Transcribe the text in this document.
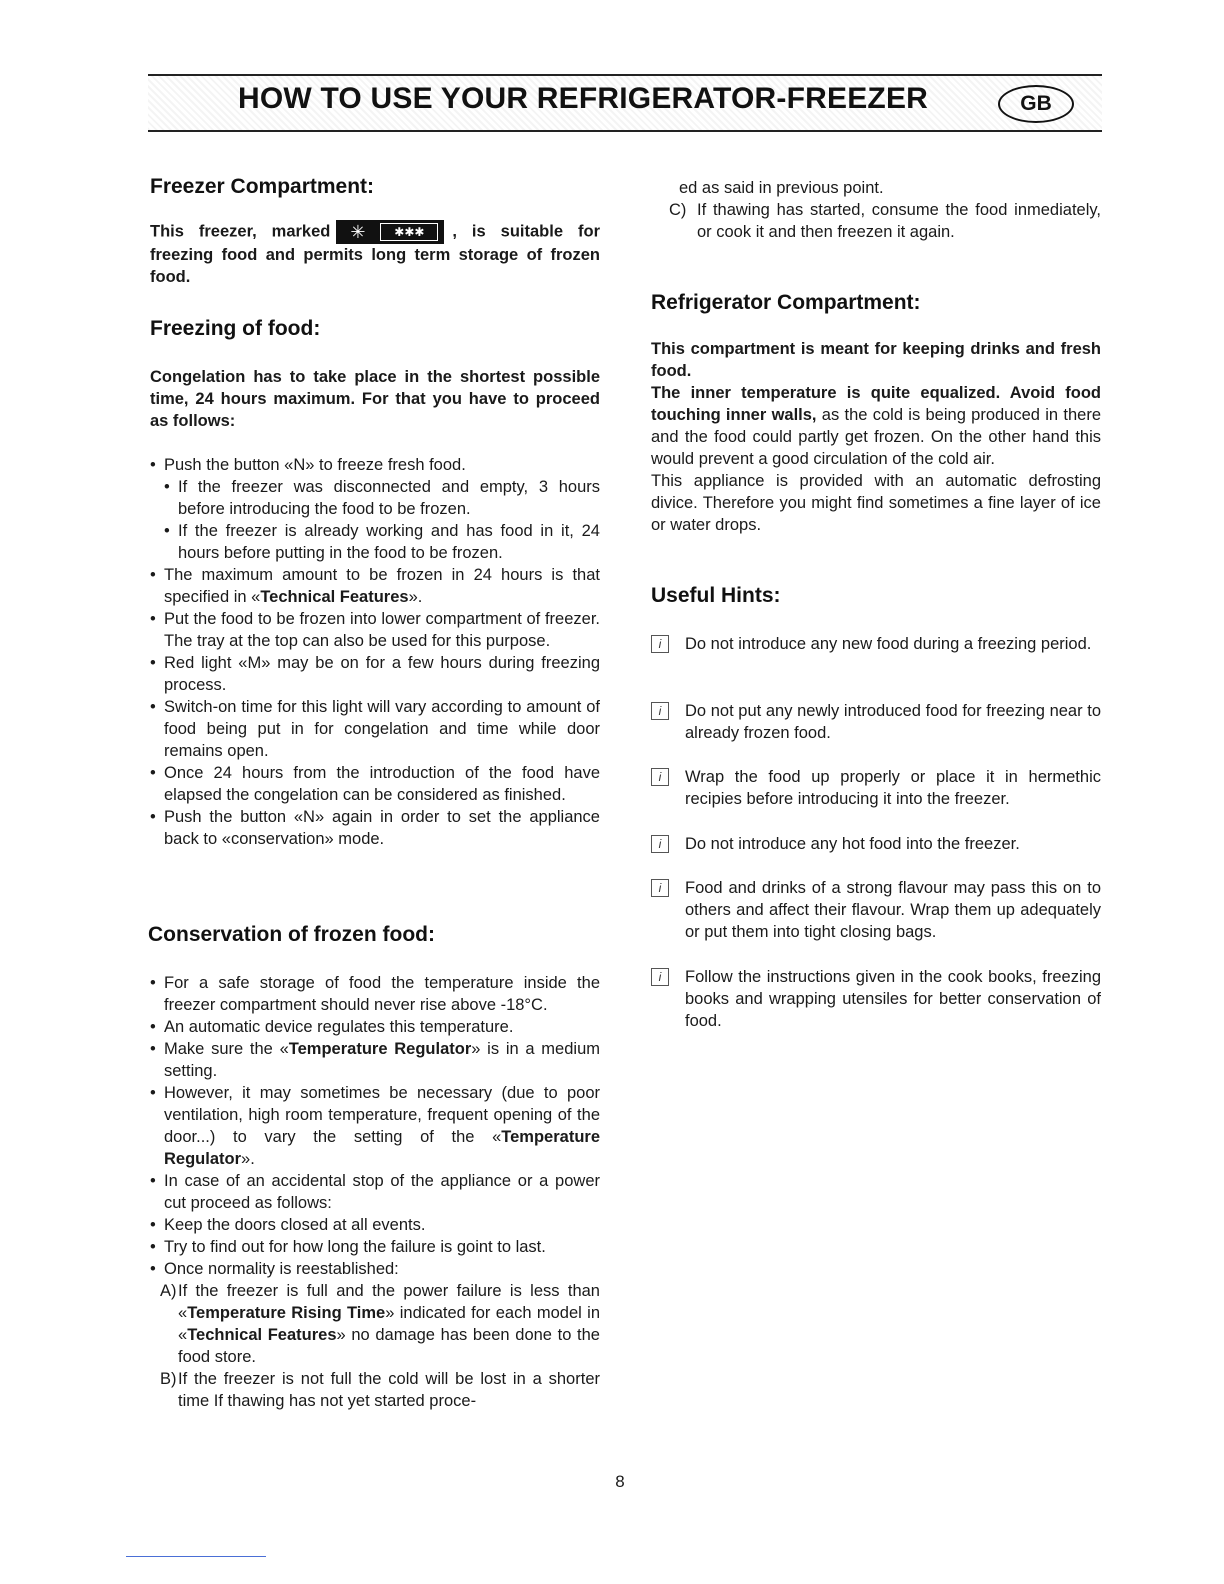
HOW TO USE YOUR REFRIGERATOR-FREEZER	GB
Freezer Compartment:

This freezer, marked ✳	✱✱✱	, is suitable for freezing food and permits long term storage of frozen food.

Freezing of food:

Congelation has to take place in the shortest possible time, 24 hours maximum. For that you have to proceed as follows:

• Push the button «N» to freeze fresh food.
• If the freezer was disconnected and empty, 3 hours before introducing the food to be frozen.
• If the freezer is already working and has food in it, 24 hours before putting in the food to be frozen.
• The maximum amount to be frozen in 24 hours is that specified in «Technical Features».
• Put the food to be frozen into lower compartment of freezer. The tray at the top can also be used for this purpose.
• Red light «M» may be on for a few hours during freezing process.
• Switch-on time for this light will vary according to amount of food being put in for congelation and time while door remains open.
• Once 24 hours from the introduction of the food have elapsed the congelation can be considered as finished.
• Push the button «N» again in order to set the appliance back to «conservation» mode.
Conservation of frozen food:
• For a safe storage of food the temperature inside the freezer compartment should never rise above -18°C.
• An automatic device regulates this temperature.
• Make sure the «Temperature Regulator» is in a medium setting.
• However, it may sometimes be necessary (due to poor ventilation, high room temperature, frequent opening of the door...) to vary the setting of the «Temperature Regulator».
• In case of an accidental stop of the appliance or a power cut proceed as follows:
• Keep the doors closed at all events.
• Try to find out for how long the failure is goint to last.
• Once normality is reestablished:
A) If the freezer is full and the power failure is less than «Temperature Rising Time» indicated for each model in «Technical Features» no damage has been done to the food store.
B) If the freezer is not full the cold will be lost in a shorter time If thawing has not yet started proce-
ed as said in previous point.
C) If thawing has started, consume the food inmediately, or cook it and then freezen it again.
Refrigerator Compartment:

This compartment is meant for keeping drinks and fresh food.

The inner temperature is quite equalized. Avoid food touching inner walls, as the cold is being produced in there and the food could partly get frozen. On the other hand this would prevent a good circulation of the cold air.

This appliance is provided with an automatic defrosting divice. Therefore you might find sometimes a fine layer of ice or water drops.

Useful Hints:
i	Do not introduce any new food during a freezing period.
i	Do not put any newly introduced food for freezing near to already frozen food.
i	Wrap the food up properly or place it in hermethic recipies before introducing it into the freezer.
i	Do not introduce any hot food into the freezer.
i	Food and drinks of a strong flavour may pass this on to others and affect their flavour. Wrap them up adequately or put them into tight closing bags.
i	Follow the instructions given in the cook books, freezing books and wrapping utensiles for better conservation of food.
8
